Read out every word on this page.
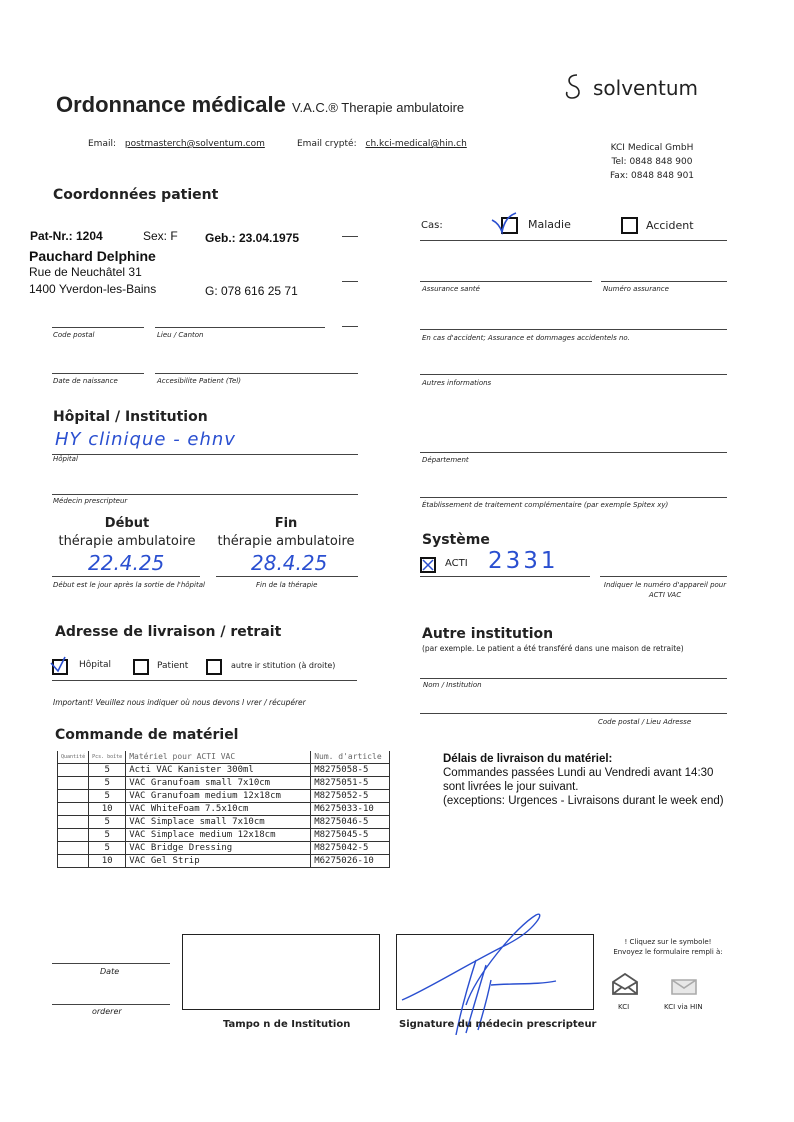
Ordonnance médicale V.A.C.® Therapie ambulatoire
solventum
Email: postmasterch@solventum.com	Email crypté: ch.kci-medical@hin.ch	KCI Medical GmbH
Tel: 0848 848 900
Fax: 0848 848 901
Coordonnées patient
Pat-Nr.: 1204	Sex: F Geb.: 23.04.1975
Pauchard Delphine
Rue de Neuchâtel 31
1400 Yverdon-les-Bains	G: 078 616 25 71
Code postal	Lieu / Canton
Date de naissance	Accesibilite Patient (Tel)
Cas:	Maladie	Accident
Assurance santé	Numéro assurance
En cas d'accident; Assurance et dommages accidentels no.
Autres informations
Hôpital / Institution
HY clinique - ehnv
Hôpital	Département
Médecin prescripteur	Établissement de traitement complémentaire (par exemple Spitex xy)
Début
thérapie ambulatoire
Fin
thérapie ambulatoire
22.4.25	28.4.25
Début est le jour après la sortie de l'hôpital	Fin de la thérapie
Système
ACTI 2331
Indiquer le numéro d'appareil pour ACTI VAC
Adresse de livraison / retrait
Hôpital	Patient	autre ir stitution (à droite)
Important! Veuillez nous indiquer où nous devons l vrer / récupérer
Autre institution
(par exemple. Le patient a été transféré dans une maison de retraite)
Nom / Institution
Code postal / Lieu Adresse
Commande de matériel
Quantité	Pcs. boîte	Matériel pour ACTI VAC	Num. d'article
	5	Acti VAC Kanister 300ml	M8275058-5
	5	VAC Granufoam small 7x10cm	M8275051-5
	5	VAC Granufoam medium 12x18cm	M8275052-5
	10	VAC WhiteFoam 7.5x10cm	M6275033-10
	5	VAC Simplace small 7x10cm	M8275046-5
	5	VAC Simplace medium 12x18cm	M8275045-5
	5	VAC Bridge Dressing	M8275042-5
	10	VAC Gel Strip	M6275026-10
Délais de livraison du matériel:
Commandes passées Lundi au Vendredi avant 14:30
sont livrées le jour suivant.
(exceptions: Urgences - Livraisons durant le week end)
Date
orderer
Tampo n de Institution	Signature du médecin prescripteur
! Cliquez sur le symbole!
Envoyez le formulaire rempli à:
KCI	KCI via HIN
